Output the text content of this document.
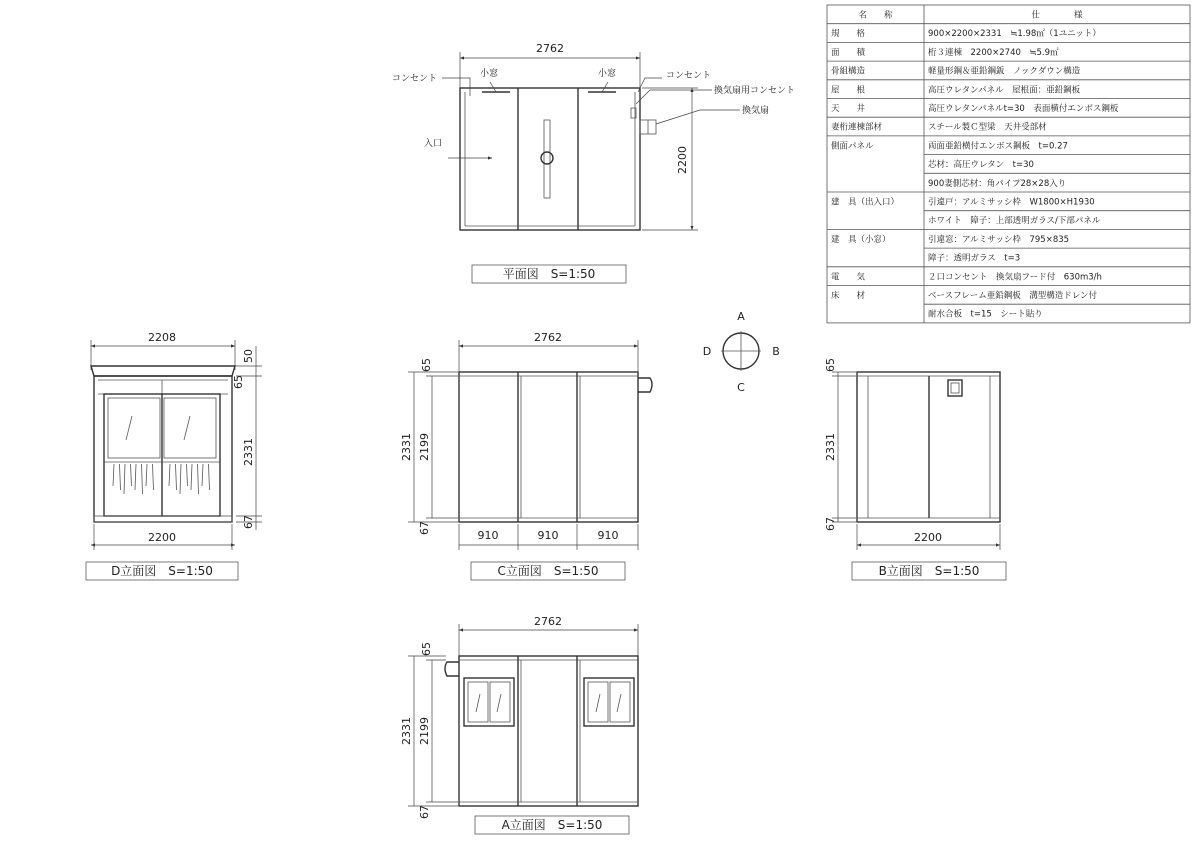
名　　称	仕　　　　様
規　　格	900×2200×2331　≒1.98㎡（1ユニット）
面　　積	桁３連棟　2200×2740　≒5.9㎡
骨組構造	軽量形鋼＆亜鉛鋼鈑　ノックダウン構造
屋　　根	高圧ウレタンパネル　屋根面：亜鉛鋼板
天　　井	高圧ウレタンパネルt=30　表面横付エンボス鋼板
妻桁連棟部材	スチール製Ｃ型梁　天井受部材
側面パネル	両面亜鉛横付エンボス鋼板　t=0.27
芯材：高圧ウレタン　t=30
900妻側芯材：角パイプ28×28入り
建　具（出入口）	引違戸：アルミサッシ枠　W1800×H1930
ホワイト　障子：上部透明ガラス/下部パネル
建　具（小窓）	引違窓：アルミサッシ枠　795×835
障子：透明ガラス　t=3
電　　気	２口コンセント　換気扇フード付　630m3/h
床　　材	ベースフレーム亜鉛鋼板　溝型構造ドレン付
耐水合板　t=15　シート貼り
2762
2200
コンセント	小窓	小窓	コンセント
換気扇用コンセント
換気扇
入口
平面図　S=1:50
A
C
D	B
2208
50
65
2331
67
2200
D立面図　S=1:50
2762
65
2331 2199
67
910	910	910
C立面図　S=1:50
65
2331
67
2200
B立面図　S=1:50
2762
65
2331 2199
67
A立面図　S=1:50
